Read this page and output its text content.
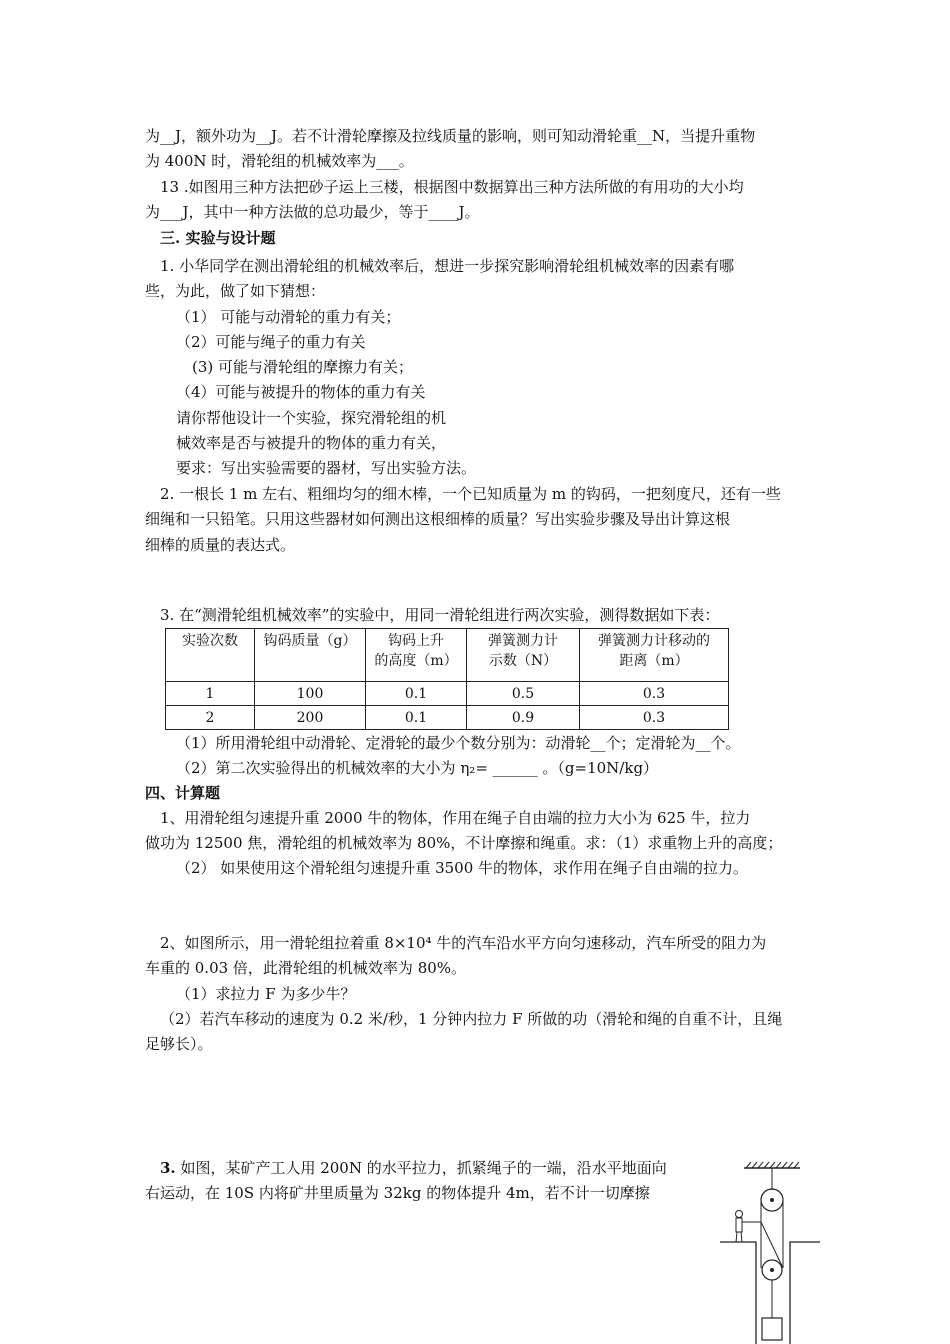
为__J，额外功为__J。若不计滑轮摩擦及拉线质量的影响，则可知动滑轮重__N，当提升重物
为 400N 时，滑轮组的机械效率为___。
13 .如图用三种方法把砂子运上三楼，根据图中数据算出三种方法所做的有用功的大小均
为___J，其中一种方法做的总功最少，等于____J。
三. 实验与设计题
1. 小华同学在测出滑轮组的机械效率后，想进一步探究影响滑轮组机械效率的因素有哪
些，为此，做了如下猜想：
（1） 可能与动滑轮的重力有关；
（2）可能与绳子的重力有关
(3) 可能与滑轮组的摩擦力有关；
（4）可能与被提升的物体的重力有关
请你帮他设计一个实验，探究滑轮组的机
械效率是否与被提升的物体的重力有关，
要求：写出实验需要的器材，写出实验方法。
2. 一根长 1 m 左右、粗细均匀的细木棒，一个已知质量为 m 的钩码，一把刻度尺，还有一些
细绳和一只铅笔。只用这些器材如何测出这根细棒的质量？写出实验步骤及导出计算这根
细棒的质量的表达式。
3. 在“测滑轮组机械效率”的实验中，用同一滑轮组进行两次实验，测得数据如下表：
实验次数	钩码质量（g）	钩码上升
的高度（m）	弹簧测力计
示数（N）	弹簧测力计移动的
距离（m）
1	100	0.1	0.5	0.3
2	200	0.1	0.9	0.3
（1）所用滑轮组中动滑轮、定滑轮的最少个数分别为：动滑轮__个；定滑轮为__个。
（2）第二次实验得出的机械效率的大小为 η₂= ______ 。（g=10N/kg）
四、计算题
1、用滑轮组匀速提升重 2000 牛的物体，作用在绳子自由端的拉力大小为 625 牛，拉力
做功为 12500 焦，滑轮组的机械效率为 80%，不计摩擦和绳重。求：（1）求重物上升的高度；
（2） 如果使用这个滑轮组匀速提升重 3500 牛的物体，求作用在绳子自由端的拉力。
2、如图所示，用一滑轮组拉着重 8×10⁴ 牛的汽车沿水平方向匀速移动，汽车所受的阻力为
车重的 0.03 倍，此滑轮组的机械效率为 80%。
（1）求拉力 F 为多少牛？
（2）若汽车移动的速度为 0.2 米/秒，1 分钟内拉力 F 所做的功（滑轮和绳的自重不计，且绳
足够长）。
3. 如图，某矿产工人用 200N 的水平拉力，抓紧绳子的一端，沿水平地面向
右运动，在 10S 内将矿井里质量为 32kg 的物体提升 4m，若不计一切摩擦
